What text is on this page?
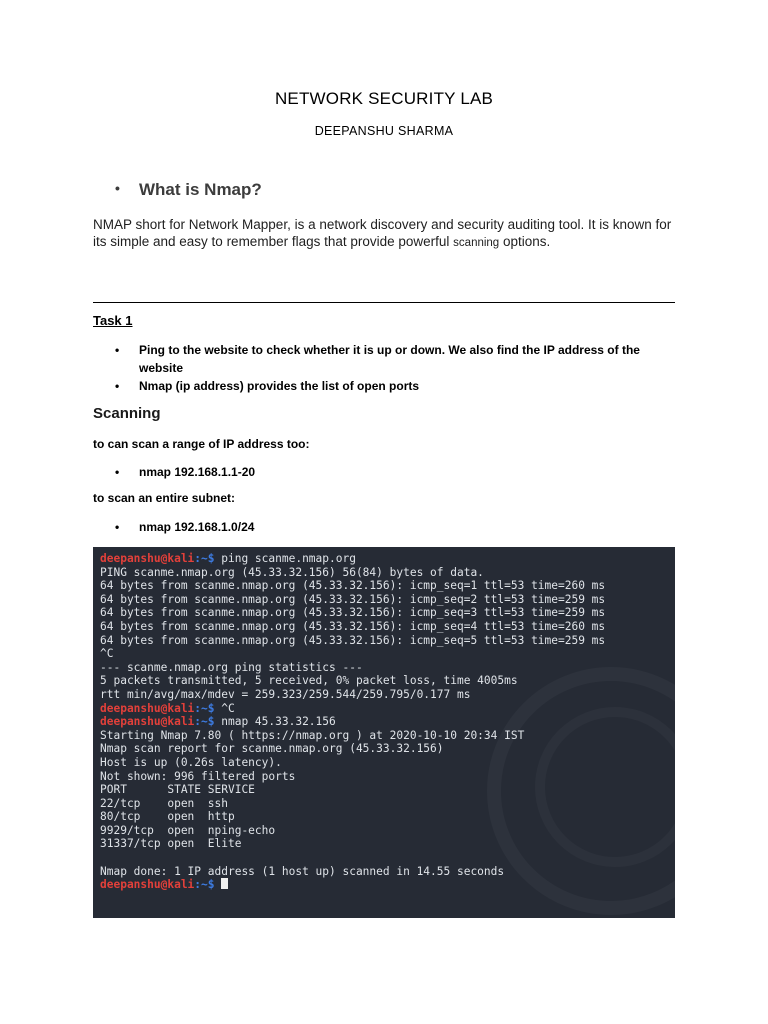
NETWORK SECURITY LAB
DEEPANSHU SHARMA
• What is Nmap?
NMAP short for Network Mapper, is a network discovery and security auditing tool. It is known for its simple and easy to remember flags that provide powerful scanning options.
Task 1
• Ping to the website to check whether it is up or down. We also find the IP address of the website
• Nmap (ip address) provides the list of open ports
Scanning
to can scan a range of IP address too:
• nmap 192.168.1.1-20
to scan an entire subnet:
• nmap 192.168.1.0/24
deepanshu@kali:~$ ping scanme.nmap.org
PING scanme.nmap.org (45.33.32.156) 56(84) bytes of data.
64 bytes from scanme.nmap.org (45.33.32.156): icmp_seq=1 ttl=53 time=260 ms
64 bytes from scanme.nmap.org (45.33.32.156): icmp_seq=2 ttl=53 time=259 ms
64 bytes from scanme.nmap.org (45.33.32.156): icmp_seq=3 ttl=53 time=259 ms
64 bytes from scanme.nmap.org (45.33.32.156): icmp_seq=4 ttl=53 time=260 ms
64 bytes from scanme.nmap.org (45.33.32.156): icmp_seq=5 ttl=53 time=259 ms
^C
--- scanme.nmap.org ping statistics ---
5 packets transmitted, 5 received, 0% packet loss, time 4005ms
rtt min/avg/max/mdev = 259.323/259.544/259.795/0.177 ms
deepanshu@kali:~$ ^C
deepanshu@kali:~$ nmap 45.33.32.156
Starting Nmap 7.80 ( https://nmap.org ) at 2020-10-10 20:34 IST
Nmap scan report for scanme.nmap.org (45.33.32.156)
Host is up (0.26s latency).
Not shown: 996 filtered ports
PORT      STATE SERVICE
22/tcp    open  ssh
80/tcp    open  http
9929/tcp  open  nping-echo
31337/tcp open  Elite
Nmap done: 1 IP address (1 host up) scanned in 14.55 seconds
deepanshu@kali:~$
